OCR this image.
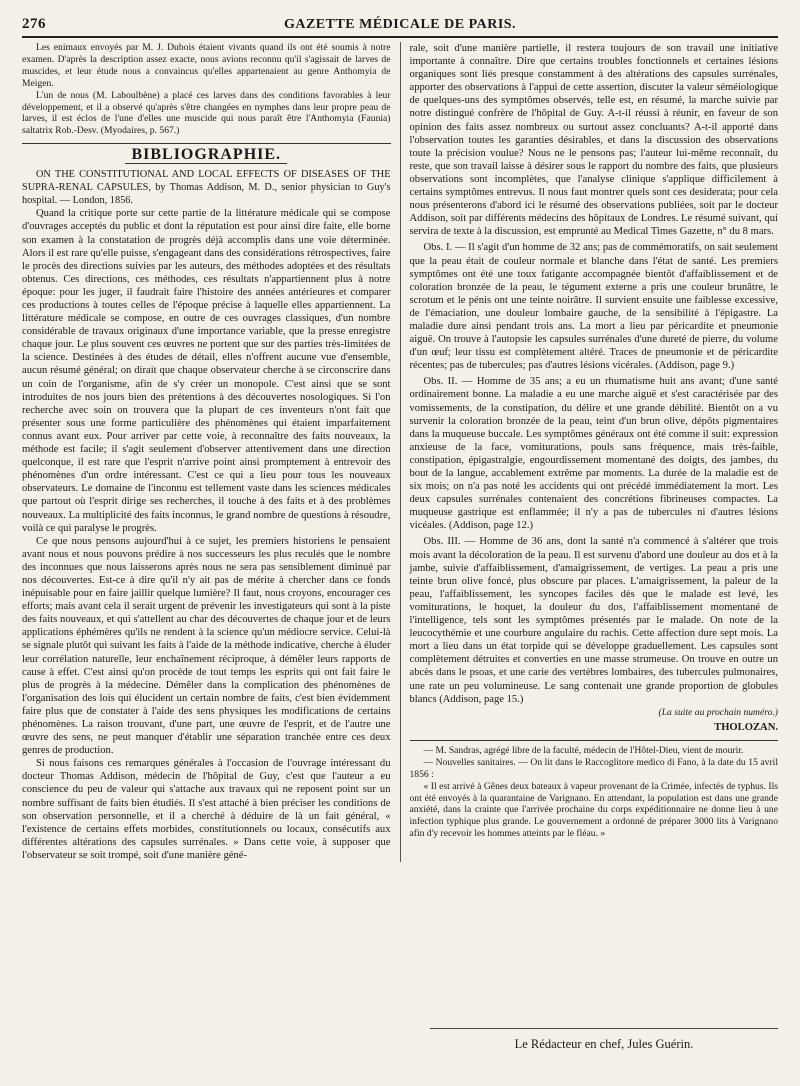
276	GAZETTE MÉDICALE DE PARIS.

Les enimaux envoyés par M. J. Dubois étaient vivants quand ils ont été soumis à notre examen. D'après la description assez exacte, nous avions reconnu qu'il s'agissait de larves de muscides, et leur étude nous a convaincus qu'elles appartenaient au genre Anthomyia de Meigen.

L'un de nous (M. Laboulbène) a placé ces larves dans des conditions favorables à leur développement, et il a observé qu'après s'être changées en nymphes dans leur propre peau de larves, il est éclos de l'une d'elles une muscide qui nous paraît être l'Anthomyia (Faunia) saltatrix Rob.-Desv. (Myodaires, p. 567.)

BIBLIOGRAPHIE.

ON THE CONSTITUTIONAL AND LOCAL EFFECTS OF DISEASES OF THE SUPRA-RENAL CAPSULES, by Thomas Addison, M. D., senior physician to Guy's hospital. — London, 1856.

Quand la critique porte sur cette partie de la littérature médicale qui se compose d'ouvrages acceptés du public et dont la réputation est pour ainsi dire faite, elle borne son examen à la constatation de progrès déjà accomplis dans une voie déterminée. Alors il est rare qu'elle puisse, s'engageant dans des considérations rétrospectives, faire le procès des directions suivies par les auteurs, des méthodes adoptées et des résultats obtenus. Ces directions, ces méthodes, ces résultats n'appartiennent plus à notre époque: pour les juger, il faudrait faire l'histoire des années antérieures et comparer ces productions à toutes celles de l'époque précise à laquelle elles appartiennent. La littérature médicale se compose, en outre de ces ouvrages classiques, d'un nombre considérable de travaux originaux d'une importance variable, que la presse enregistre chaque jour. Le plus souvent ces œuvres ne portent que sur des parties très-limitées de la science. Destinées à des études de détail, elles n'offrent aucune vue d'ensemble, aucun résumé général; on dirait que chaque observateur cherche à se circonscrire dans un coin de l'organisme, afin de s'y créer un monopole. C'est ainsi que se sont introduites de nos jours bien des prétentions à des découvertes nosologiques. Si l'on recherche avec soin on trouvera que la plupart de ces inventeurs n'ont fait que présenter sous une forme particulière des phénomènes qui étaient imparfaitement connus avant eux. Pour arriver par cette voie, à reconnaître des faits nouveaux, la méthode est facile; il s'agit seulement d'observer attentivement dans une direction quelconque, il est rare que l'esprit n'arrive point ainsi promptement à entrevoir des phénomènes d'un ordre intéressant. C'est ce qui a lieu pour tous les nouveaux observateurs. Le domaine de l'inconnu est tellement vaste dans les sciences médicales que partout où l'esprit dirige ses recherches, il touche à des faits et à des problèmes nouveaux. La multiplicité des faits inconnus, le grand nombre de questions à résoudre, voilà ce qui paralyse le progrès.

Ce que nous pensons aujourd'hui à ce sujet, les premiers historiens le pensaient avant nous et nous pouvons prédire à nos successeurs les plus reculés que le nombre des inconnues que nous laisserons après nous ne sera pas sensiblement diminué par nos découvertes. Est-ce à dire qu'il n'y ait pas de mérite à chercher dans ce fonds inépuisable pour en faire jaillir quelque lumière? Il faut, nous croyons, encourager ces efforts; mais avant cela il serait urgent de prévenir les investigateurs qui sont à la piste des faits nouveaux, et qui s'attellent au char des découvertes de chaque jour et de leurs applications éphémères qu'ils ne rendent à la science qu'un médiocre service. Celui-là se signale plutôt qui suivant les faits à l'aide de la méthode indicative, cherche à éluder leur corrélation naturelle, leur enchaînement réciproque, à démêler leurs rapports de cause à effet. C'est ainsi qu'on procède de tout temps les esprits qui ont fait faire le plus de progrès à la médecine. Démêler dans la complication des phénomènes de l'organisation des lois qui élucident un certain nombre de faits, c'est bien évidemment faire plus que de constater à l'aide des sens physiques les modifications de certains phénomènes. La raison trouvant, d'une part, une œuvre de l'esprit, et de l'autre une œuvre des sens, ne peut manquer d'établir une séparation tranchée entre ces deux genres de production.

Si nous faisons ces remarques générales à l'occasion de l'ouvrage intéressant du docteur Thomas Addison, médecin de l'hôpital de Guy, c'est que l'auteur a eu conscience du peu de valeur qui s'attache aux travaux qui ne reposent point sur un nombre suffisant de faits bien étudiés. Il s'est attaché à bien préciser les conditions de son observation personnelle, et il a cherché à déduire de là un fait général, « l'existence de certains effets morbides, constitutionnels ou locaux, consécutifs aux différentes altérations des capsules surrénales. » Dans cette voie, à supposer que l'observateur se soit trompé, soit d'une manière géné-

rale, soit d'une manière partielle, il restera toujours de son travail une initiative importante à connaître. Dire que certains troubles fonctionnels et certaines lésions organiques sont liés presque constamment à des altérations des capsules surrénales, apporter des observations à l'appui de cette assertion, discuter la valeur séméiologique de quelques-uns des symptômes observés, telle est, en résumé, la marche suivie par notre distingué confrère de l'hôpital de Guy. A-t-il réussi à réunir, en faveur de son opinion des faits assez nombreux ou surtout assez concluants? A-t-il apporté dans l'observation toutes les garanties désirables, et dans la discussion des observations toute la précision voulue? Nous ne le pensons pas; l'auteur lui-même reconnaît, du reste, que son travail laisse à désirer sous le rapport du nombre des faits, que plusieurs observations sont incomplètes, que l'analyse clinique s'applique difficilement à certains symptômes entrevus. Il nous faut montrer quels sont ces desiderata; pour cela nous présenterons d'abord ici le résumé des observations publiées, soit par le docteur Addison, soit par différents médecins des hôpitaux de Londres. Le résumé suivant, qui servira de texte à la discussion, est emprunté au Medical Times Gazette, n° du 8 mars.

Obs. I. — Il s'agit d'un homme de 32 ans; pas de commémoratifs, on sait seulement que la peau était de couleur normale et blanche dans l'état de santé. Les premiers symptômes ont été une toux fatigante accompagnée bientôt d'affaiblissement et de coloration bronzée de la peau, le tégument externe a pris une couleur brunâtre, le scrotum et le pénis ont une teinte noirâtre. Il survient ensuite une faiblesse excessive, de l'émaciation, une douleur lombaire gauche, de la sensibilité à l'épigastre. La maladie dure ainsi pendant trois ans. La mort a lieu par péricardite et pneumonie aiguë. On trouve à l'autopsie les capsules surrénales d'une dureté de pierre, du volume d'un œuf; leur tissu est complètement altéré. Traces de pneumonie et de péricardite récentes; pas de tubercules; pas d'autres lésions vicérales. (Addison, page 9.)

Obs. II. — Homme de 35 ans; a eu un rhumatisme huit ans avant; d'une santé ordinairement bonne. La maladie a eu une marche aiguë et s'est caractérisée par des vomissements, de la constipation, du délire et une grande débilité. Bientôt on a vu survenir la coloration bronzée de la peau, teint d'un brun olive, dépôts pigmentaires dans la muqueuse buccale. Les symptômes généraux ont été comme il suit: expression anxieuse de la face, vomiturations, pouls sans fréquence, mais très-faible, constipation, épigastralgie, engourdissement momentané des doigts, des jambes, du bout de la langue, accablement extrême par moments. La durée de la maladie est de six mois; on n'a pas noté les accidents qui ont précédé immédiatement la mort. Les deux capsules surrénales contenaient des concrétions fibrineuses compactes. La muqueuse gastrique est enflammée; il n'y a pas de tubercules ni d'autres lésions vicéales. (Addison, page 12.)

Obs. III. — Homme de 36 ans, dont la santé n'a commencé à s'altérer que trois mois avant la décoloration de la peau. Il est survenu d'abord une douleur au dos et à la jambe, suivie d'affaiblissement, d'amaigrissement, de vertiges. La peau a pris une teinte brun olive foncé, plus obscure par places. L'amaigrissement, la paleur de la peau, l'affaiblissement, les syncopes faciles dès que le malade est levé, les vomiturations, le hoquet, la douleur du dos, l'affaiblissement momentané de l'intelligence, tels sont les symptômes présentés par le malade. On note de la leucocythémie et une courbure angulaire du rachis. Cette affection dure sept mois. La mort a lieu dans un état torpide qui se développe graduellement. Les capsules sont complètement détruites et converties en une masse strumeuse. On trouve en outre un abcès dans le psoas, et une carie des vertèbres lombaires, des tubercules pulmonaires, une rate un peu volumineuse. Le sang contenait une grande proportion de globules blancs (Addison, page 15.)

(La suite au prochain numéro.)
THOLOZAN.

— M. Sandras, agrégé libre de la faculté, médecin de l'Hôtel-Dieu, vient de mourir.

— Nouvelles sanitaires. — On lit dans le Raccoglitore medico di Fano, à la date du 15 avril 1856 :

« Il est arrivé à Gênes deux bateaux à vapeur provenant de la Crimée, infectés de typhus. Ils ont été envoyés à la quarantaine de Varignano. En attendant, la population est dans une grande anxiété, dans la crainte que l'arrivée prochaine du corps expéditionnaire ne donne lieu à une infection typhique plus grande. Le gouvernement a ordonné de préparer 3000 lits à Varignano afin d'y recevoir les hommes atteints par le fléau. »

Le Rédacteur en chef, Jules Guérin.
